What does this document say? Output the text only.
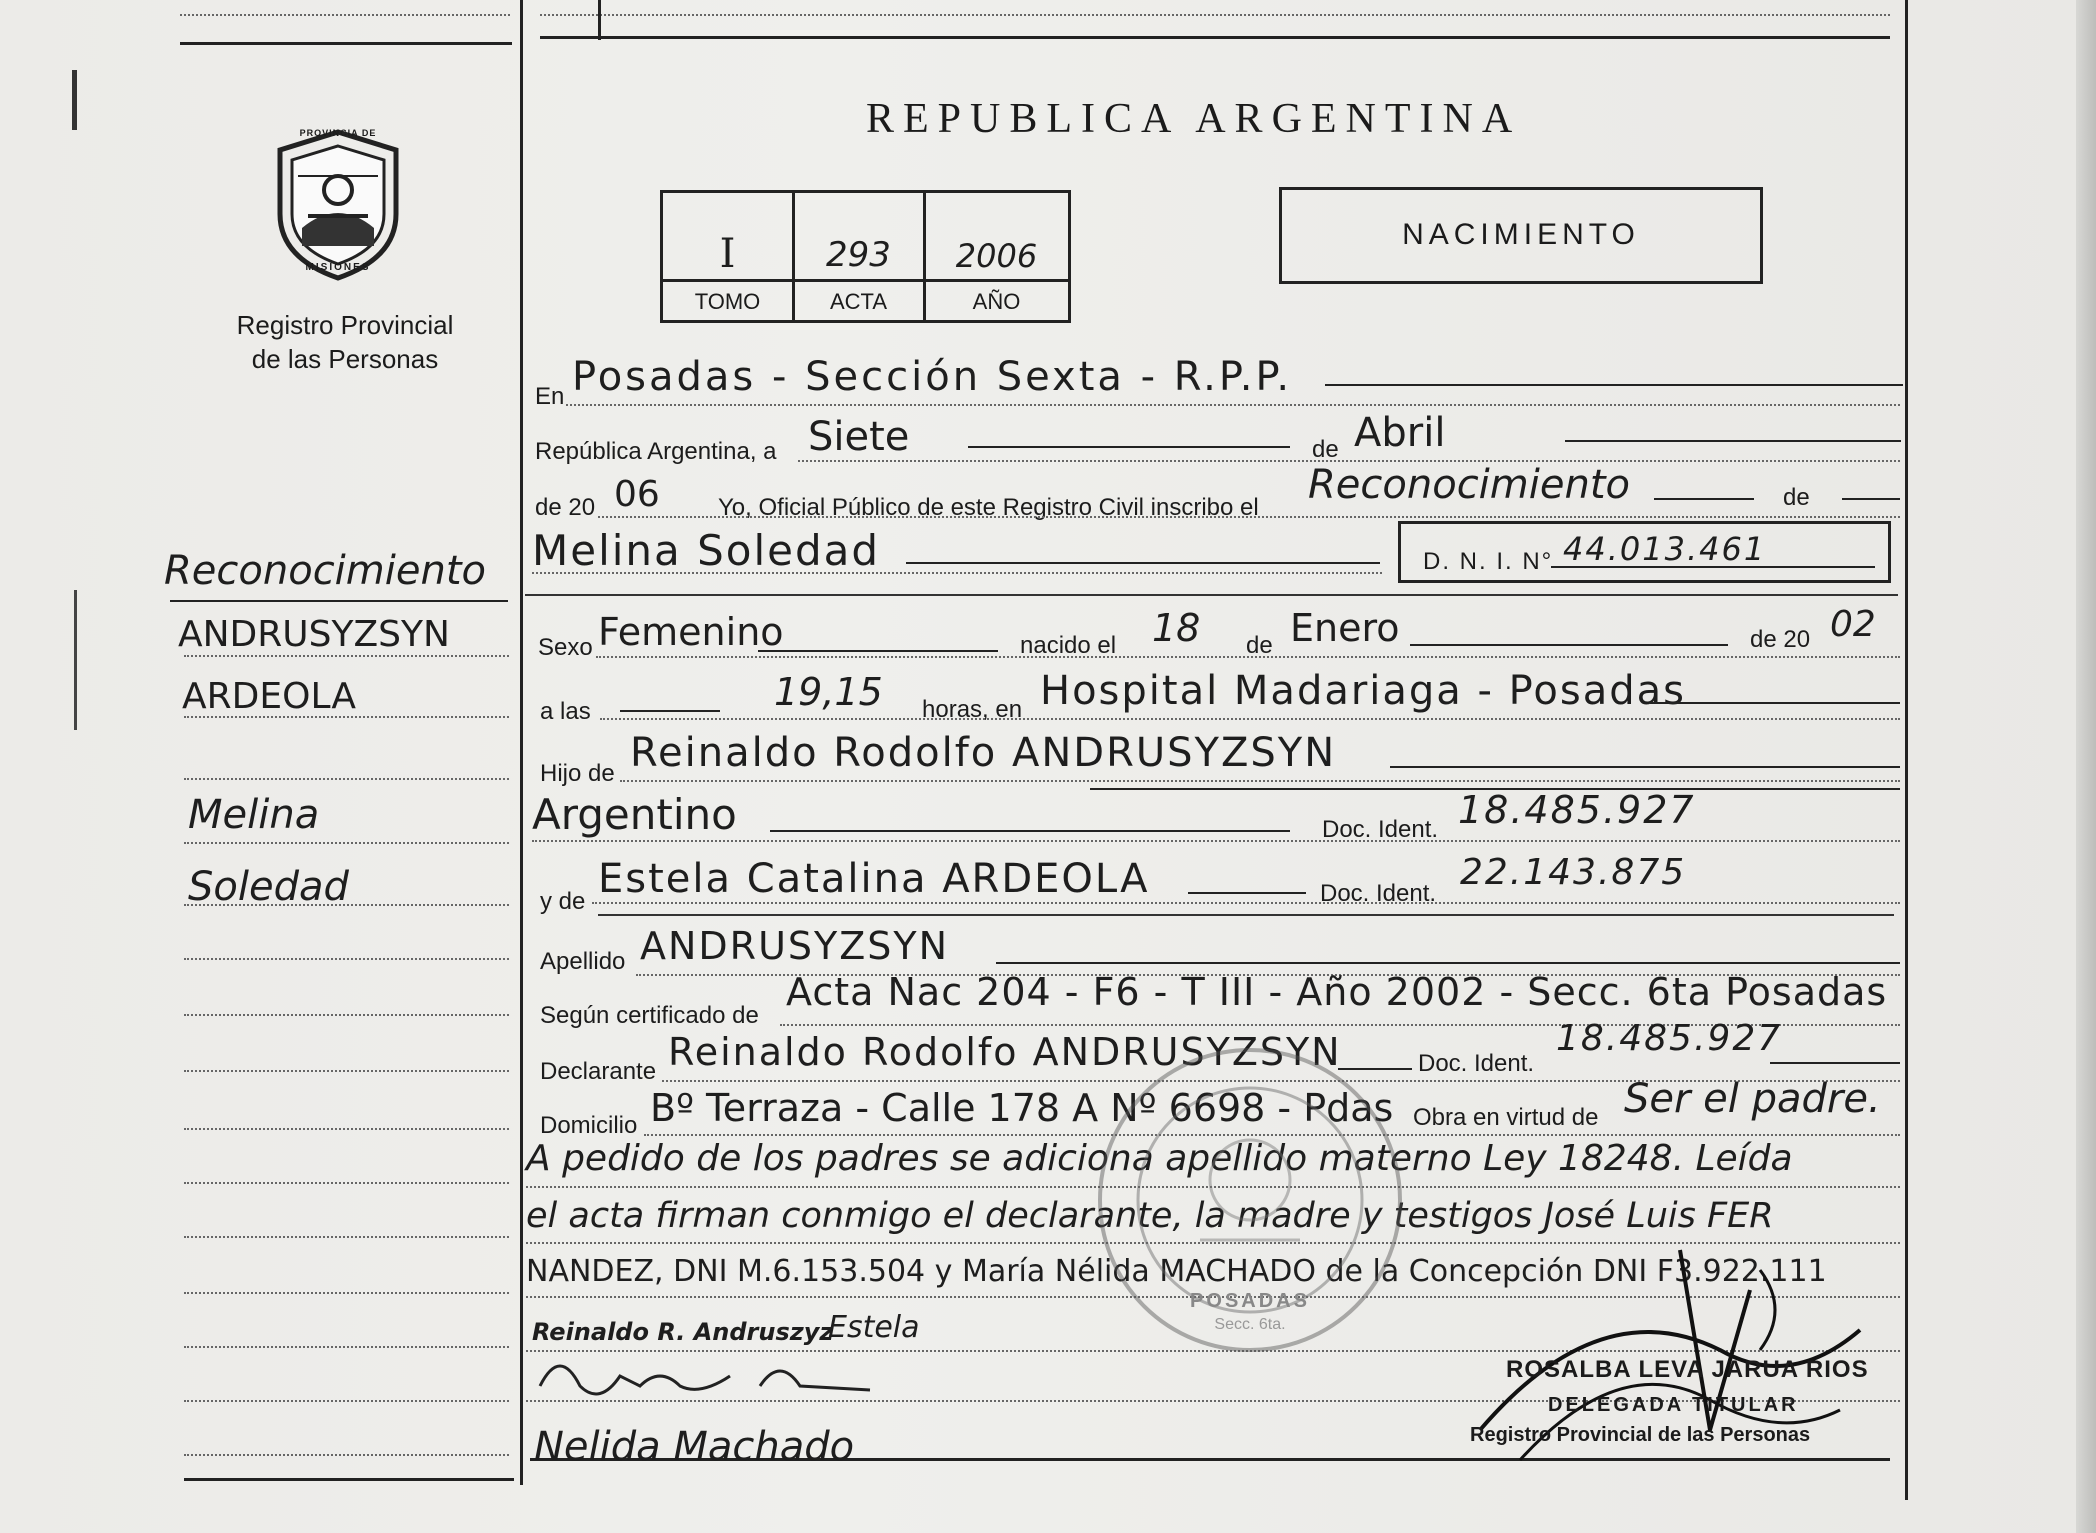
PROVINCIA DE
MISIONES
Registro Provincial
de las Personas
REPUBLICA ARGENTINA
I	293	2006
TOMO	ACTA	AÑO
NACIMIENTO
Reconocimiento
ANDRUSYZSYN
ARDEOLA
Melina
Soledad
En Posadas - Sección Sexta - R.P.P.
República Argentina, a Siete	de Abril
de 20 06 Yo, Oficial Público de este Registro Civil inscribo el Reconocimiento	de
Melina Soledad	D. N. I. N° 44.013.461
Sexo Femenino	nacido el 18 de Enero	de 20 02
a las	19,15 horas, en Hospital Madariaga - Posadas
Hijo de Reinaldo Rodolfo ANDRUSYZSYN
Argentino	Doc. Ident. 18.485.927
y de Estela Catalina ARDEOLA	Doc. Ident.
22.143.875
Apellido ANDRUSYZSYN
Según certificado de
Acta Nac 204 - F6 - T III - Año 2002 - Secc. 6ta Posadas
Declarante Reinaldo Rodolfo ANDRUSYZSYN	Doc. Ident.
18.485.927
Domicilio Bº Terraza - Calle 178 A Nº 6698 - Pdas Obra en virtud de Ser el padre.
A pedido de los padres se adiciona apellido materno Ley 18248. Leída
el acta firman conmigo el declarante, la madre y testigos José Luis FER
NANDEZ, DNI M.6.153.504 y María Nélida MACHADO de la Concepción DNI F3.922.111
POSADAS
Secc. 6ta.
Reinaldo R. Andruszyz
Estela
Nelida Machado
ROSALBA LEVA JARUA RIOS
DELEGADA TITULAR
Registro Provincial de las Personas
